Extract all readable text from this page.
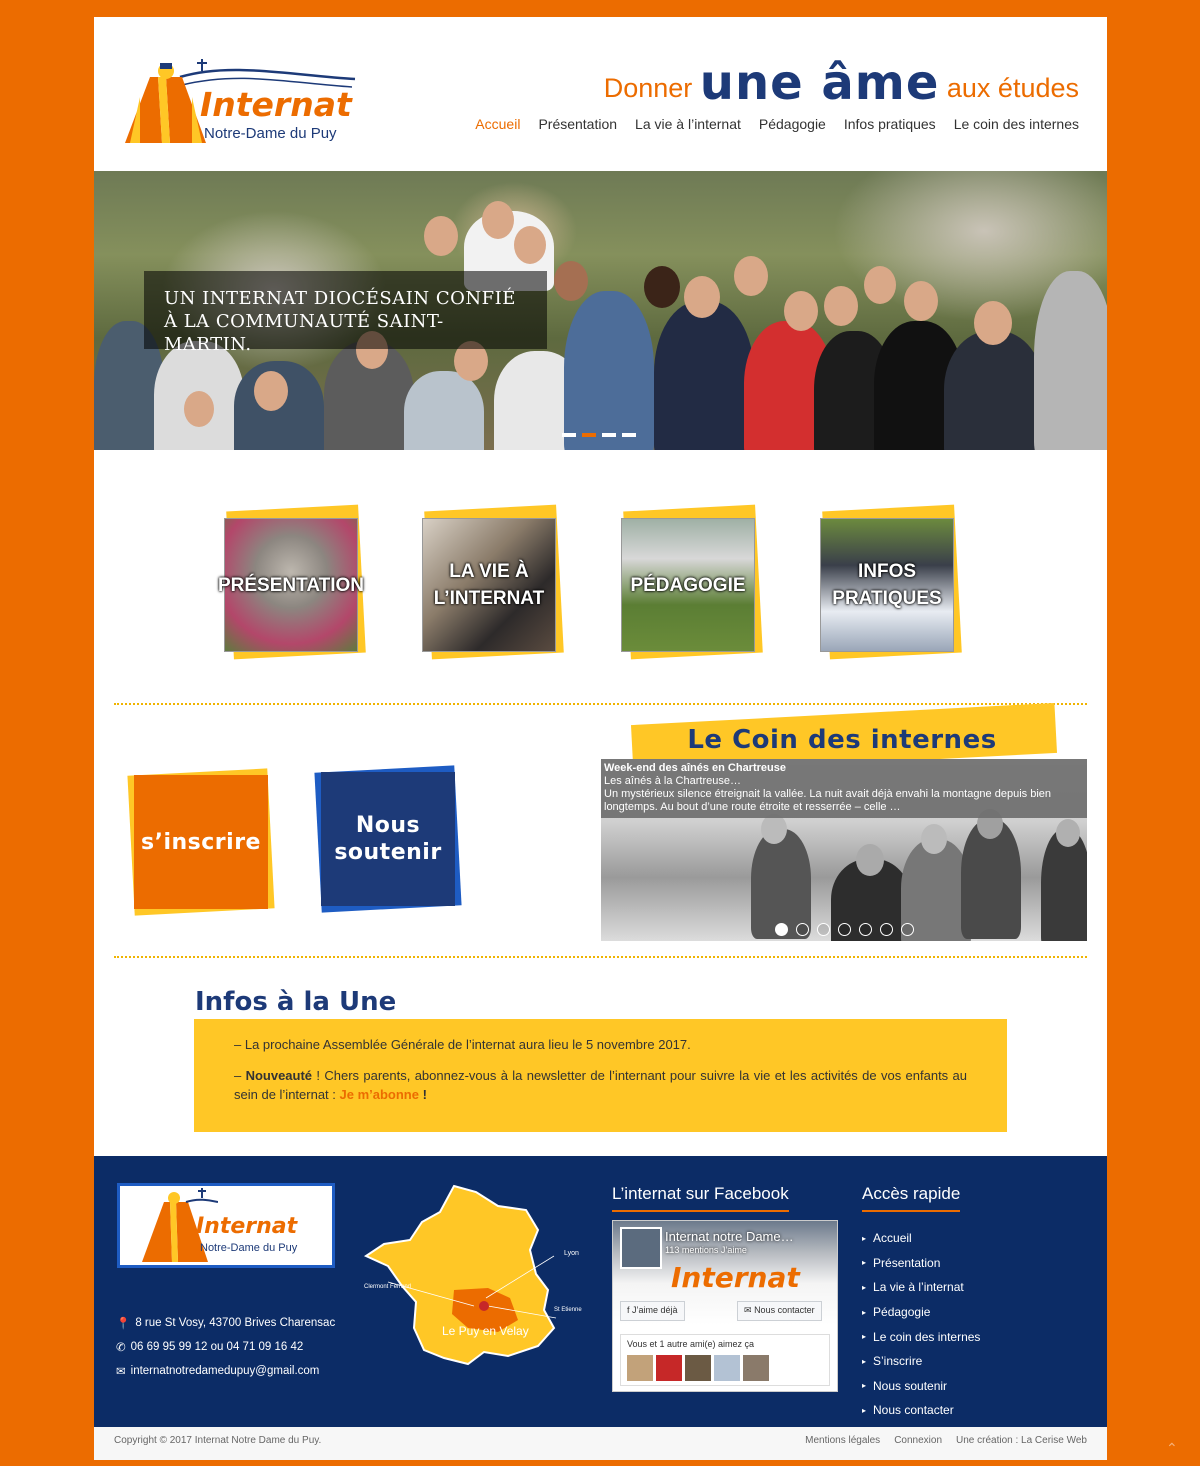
Internat
Notre-Dame du Puy
Donner une âme aux études
Accueil Présentation La vie à l’internat Pédagogie Infos pratiques Le coin des internes
UN INTERNAT DIOCÉSAIN CONFIÉ
À LA COMMUNAUTÉ SAINT-MARTIN.
PRÉSENTATION
LA VIE À L’INTERNAT
PÉDAGOGIE
INFOS PRATIQUES
s’inscrire
Nous soutenir
Le Coin des internes
Week-end des aînés en Chartreuse
Les aînés à la Chartreuse…
Un mystérieux silence étreignait la vallée. La nuit avait déjà envahi la montagne depuis bien longtemps. Au bout d’une route étroite et resserrée – celle …
Infos à la Une

– La prochaine Assemblée Générale de l’internat aura lieu le 5 novembre 2017.

– Nouveauté ! Chers parents, abonnez-vous à la newsletter de l’internant pour suivre la vie et les activités de vos enfants au sein de l’internat : Je m’abonne !

Internat
Notre-Dame du Puy
📍 8 rue St Vosy, 43700 Brives Charensac
✆ 06 69 95 99 12 ou 04 71 09 16 42
✉ internatnotredamedupuy@gmail.com
Lyon
Clermont Ferrand
St Etienne
Le Puy en Velay
L’internat sur Facebook
Internat notre Dame…
113 mentions J’aime
Internat
f J’aime déjà	✉ Nous contacter
Vous et 1 autre ami(e) aimez ça
Accès rapide
▸ Accueil
▸ Présentation
▸ La vie à l’internat
▸ Pédagogie
▸ Le coin des internes
▸ S’inscrire
▸ Nous soutenir
▸ Nous contacter
Copyright © 2017 Internat Notre Dame du Puy.	Mentions légales Connexion Une création : La Cerise Web	⌃
